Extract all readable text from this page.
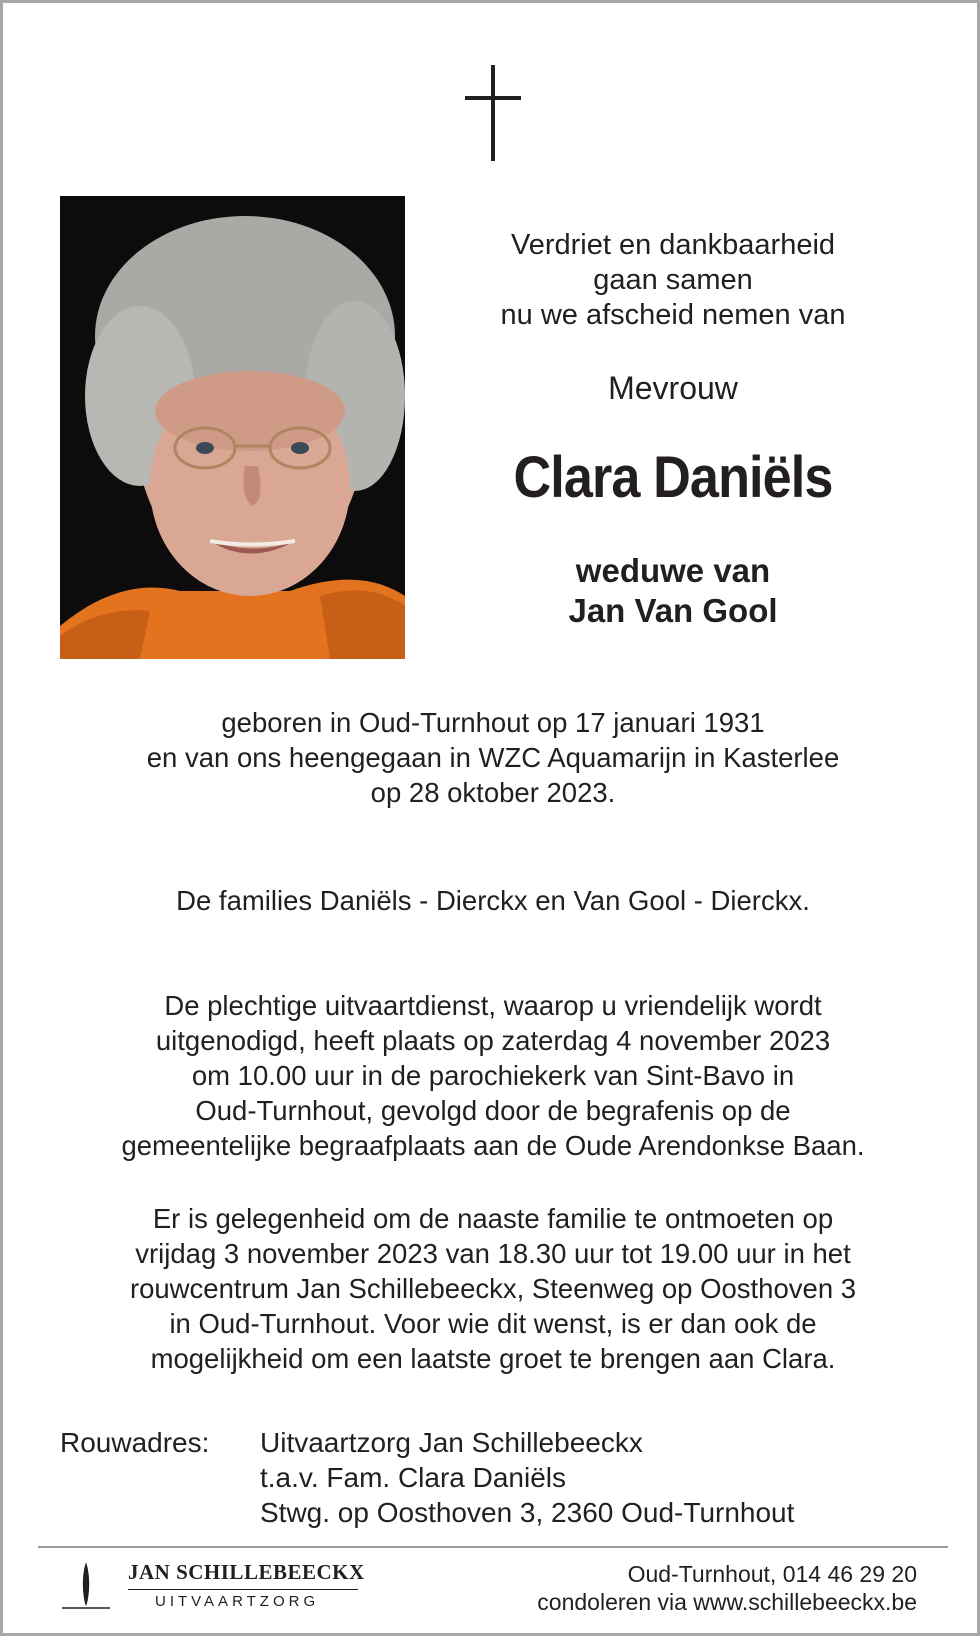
Verdriet en dankbaarheid
gaan samen
nu we afscheid nemen van
Mevrouw
Clara Daniëls
weduwe van
Jan Van Gool
geboren in Oud-Turnhout op 17 januari 1931
en van ons heengegaan in WZC Aquamarijn in Kasterlee
op 28 oktober 2023.
De families Daniëls - Dierckx en Van Gool - Dierckx.
De plechtige uitvaartdienst, waarop u vriendelijk wordt
uitgenodigd, heeft plaats op zaterdag 4 november 2023
om 10.00 uur in de parochiekerk van Sint-Bavo in
Oud-Turnhout, gevolgd door de begrafenis op de
gemeentelijke begraafplaats aan de Oude Arendonkse Baan.
Er is gelegenheid om de naaste familie te ontmoeten op
vrijdag 3 november 2023 van 18.30 uur tot 19.00 uur in het
rouwcentrum Jan Schillebeeckx, Steenweg op Oosthoven 3
in Oud-Turnhout. Voor wie dit wenst, is er dan ook de
mogelijkheid om een laatste groet te brengen aan Clara.
Rouwadres: Uitvaartzorg Jan Schillebeeckx
t.a.v. Fam. Clara Daniëls
Stwg. op Oosthoven 3, 2360 Oud-Turnhout
JAN SCHILLEBEECKX
UITVAARTZORG
Oud-Turnhout, 014 46 29 20
condoleren via www.schillebeeckx.be
